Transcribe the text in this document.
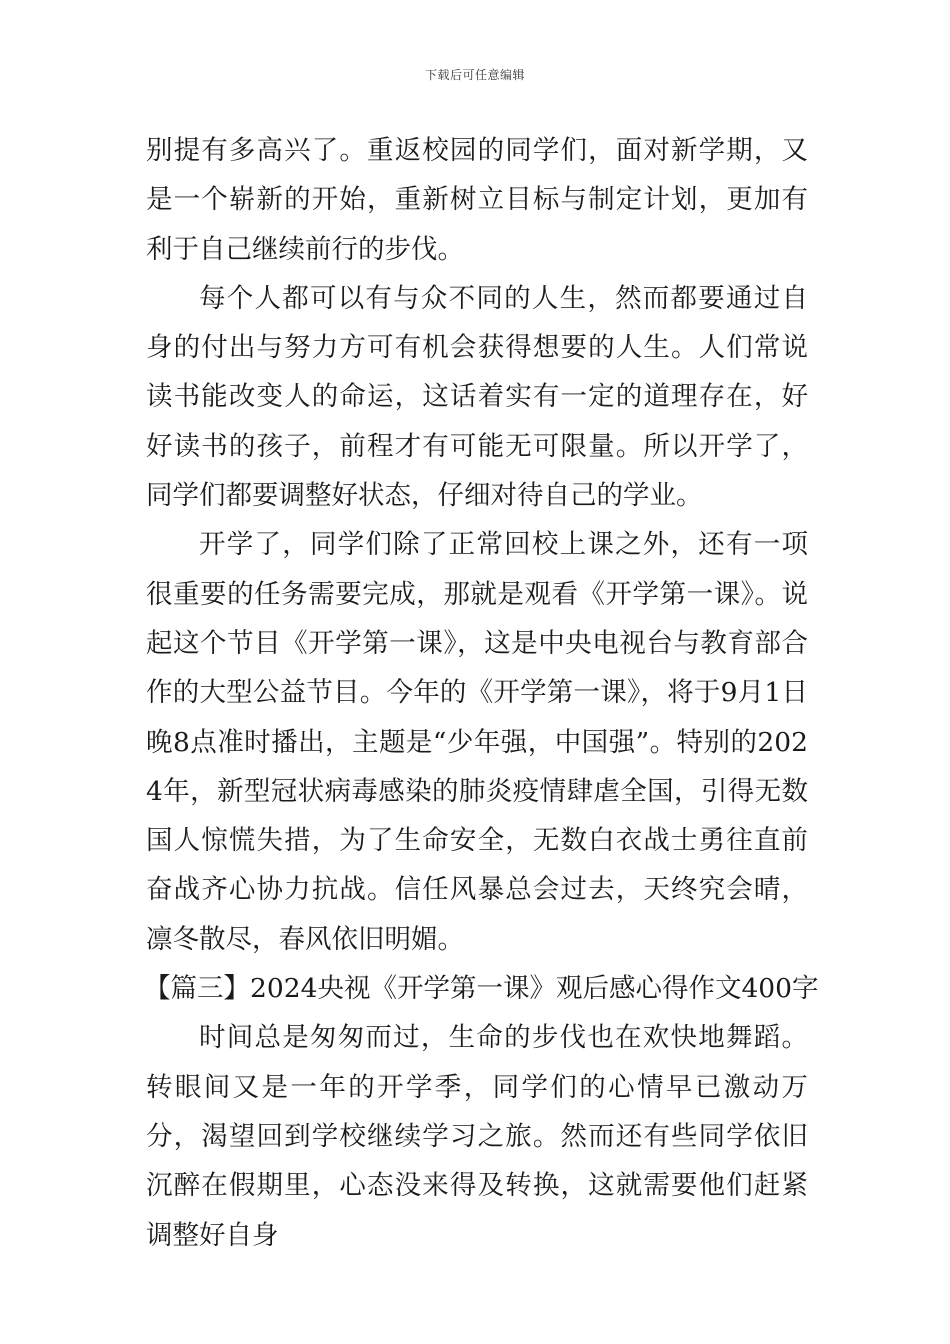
下载后可任意编辑

别提有多高兴了。重返校园的同学们，面对新学期，又是一个崭新的开始，重新树立目标与制定计划，更加有利于自己继续前行的步伐。

每个人都可以有与众不同的人生，然而都要通过自身的付出与努力方可有机会获得想要的人生。人们常说读书能改变人的命运，这话着实有一定的道理存在，好好读书的孩子，前程才有可能无可限量。所以开学了，同学们都要调整好状态，仔细对待自己的学业。

开学了，同学们除了正常回校上课之外，还有一项很重要的任务需要完成，那就是观看《开学第一课》。说起这个节目《开学第一课》，这是中央电视台与教育部合作的大型公益节目。今年的《开学第一课》，将于9月1日晚8点准时播出，主题是“少年强，中国强”。特别的2024年，新型冠状病毒感染的肺炎疫情肆虐全国，引得无数国人惊慌失措，为了生命安全，无数白衣战士勇往直前奋战齐心协力抗战。信任风暴总会过去，天终究会晴，凛冬散尽，春风依旧明媚。

【篇三】2024央视《开学第一课》观后感心得作文400字

时间总是匆匆而过，生命的步伐也在欢快地舞蹈。转眼间又是一年的开学季，同学们的心情早已激动万分，渴望回到学校继续学习之旅。然而还有些同学依旧沉醉在假期里，心态没来得及转换，这就需要他们赶紧调整好自身
